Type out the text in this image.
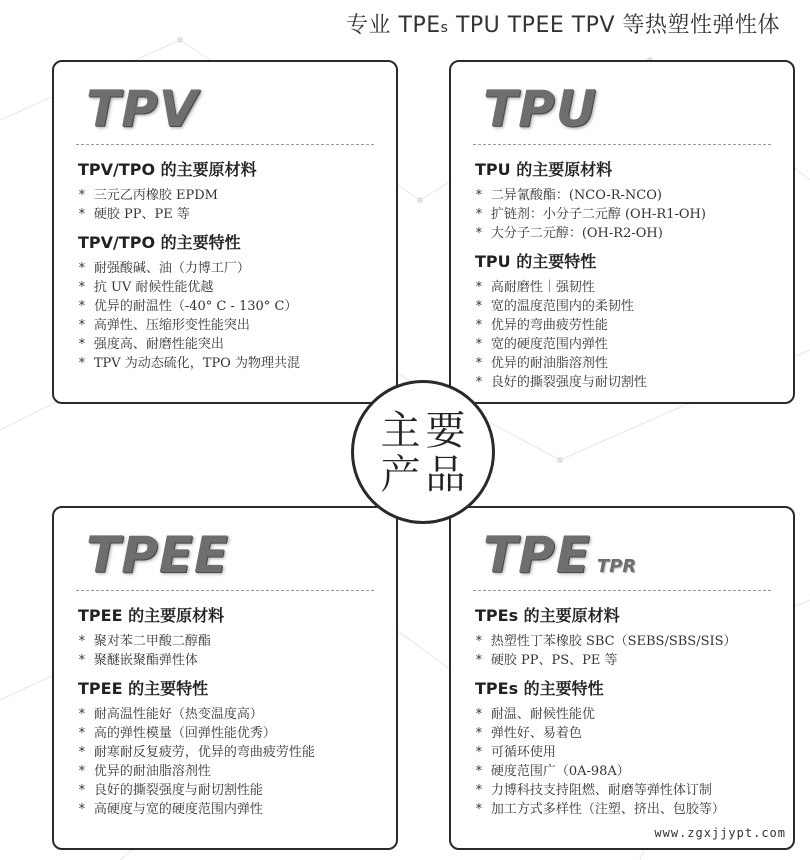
专业 TPEs TPU TPEE TPV 等热塑性弹性体
TPV
TPV/TPO 的主要原材料
* 三元乙丙橡胶 EPDM
* 硬胶 PP、PE 等
TPV/TPO 的主要特性
* 耐强酸碱、油（力博工厂）
* 抗 UV 耐候性能优越
* 优异的耐温性（-40° C - 130° C）
* 高弹性、压缩形变性能突出
* 强度高、耐磨性能突出
* TPV 为动态硫化，TPO 为物理共混
TPU
TPU 的主要原材料
* 二异氰酸酯：(NCO-R-NCO)
* 扩链剂：小分子二元醇 (OH-R1-OH)
* 大分子二元醇：(OH-R2-OH)
TPU 的主要特性
* 高耐磨性｜强韧性
* 宽的温度范围内的柔韧性
* 优异的弯曲疲劳性能
* 宽的硬度范围内弹性
* 优异的耐油脂溶剂性
* 良好的撕裂强度与耐切割性
TPEE
TPEE 的主要原材料
* 聚对苯二甲酸二醇酯
* 聚醚嵌聚酯弹性体
TPEE 的主要特性
* 耐高温性能好（热变温度高）
* 高的弹性模量（回弹性能优秀）
* 耐寒耐反复疲劳，优异的弯曲疲劳性能
* 优异的耐油脂溶剂性
* 良好的撕裂强度与耐切割性能
* 高硬度与宽的硬度范围内弹性
TPE TPR
TPEs 的主要原材料
* 热塑性丁苯橡胶 SBC（SEBS/SBS/SIS）
* 硬胶 PP、PS、PE 等
TPEs 的主要特性
* 耐温、耐候性能优
* 弹性好、易着色
* 可循环使用
* 硬度范围广（0A-98A）
* 力博科技支持阻燃、耐磨等弹性体订制
* 加工方式多样性（注塑、挤出、包胶等）
主 要
产 品
www.zgxjjypt.com
